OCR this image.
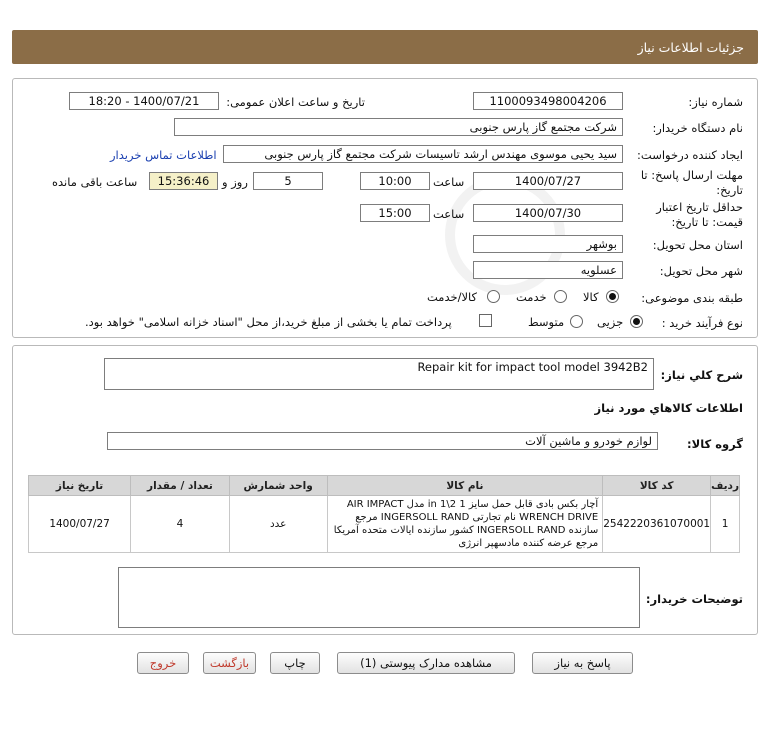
جزئیات اطلاعات نیاز
شماره نیاز:
1100093498004206
تاریخ و ساعت اعلان عمومی:
1400/07/21 - 18:20
نام دستگاه خریدار:
شرکت مجتمع گاز پارس جنوبی
ایجاد کننده درخواست:
سید یحیی موسوی مهندس ارشد تاسیسات شرکت مجتمع گاز پارس جنوبی
اطلاعات تماس خریدار
مهلت ارسال پاسخ: تا
تاریخ:
1400/07/27
ساعت
10:00
5
روز و
15:36:46
ساعت باقی مانده
حداقل تاریخ اعتبار
قیمت: تا تاریخ:
1400/07/30
ساعت
15:00
استان محل تحویل:
بوشهر
شهر محل تحویل:
عسلویه
طبقه بندی موضوعی:
کالا
خدمت
کالا/خدمت
نوع فرآیند خرید :
جزیی
متوسط
پرداخت تمام یا بخشی از مبلغ خرید،از محل "اسناد خزانه اسلامی" خواهد بود.
شرح کلي نياز:
Repair kit for impact tool model 3942B2
اطلاعات کالاهاي مورد نياز
گروه کالا:
لوازم خودرو و ماشین آلات
ردیف	کد کالا	نام کالا	واحد شمارش	تعداد / مقدار	تاریخ نیاز
1	2542220361070001	آچار بکس بادی قابل حمل سایز 1 2\1 in مدل AIR IMPACT WRENCH DRIVE نام تجارتی INGERSOLL RAND مرجع سازنده INGERSOLL RAND کشور سازنده ایالات متحده آمریکا مرجع عرضه کننده مادسهپر انرژی	عدد	4	1400/07/27
توضیحات خریدار:
پاسخ به نیاز
مشاهده مدارک پیوستی (1)
چاپ
بازگشت
خروج
